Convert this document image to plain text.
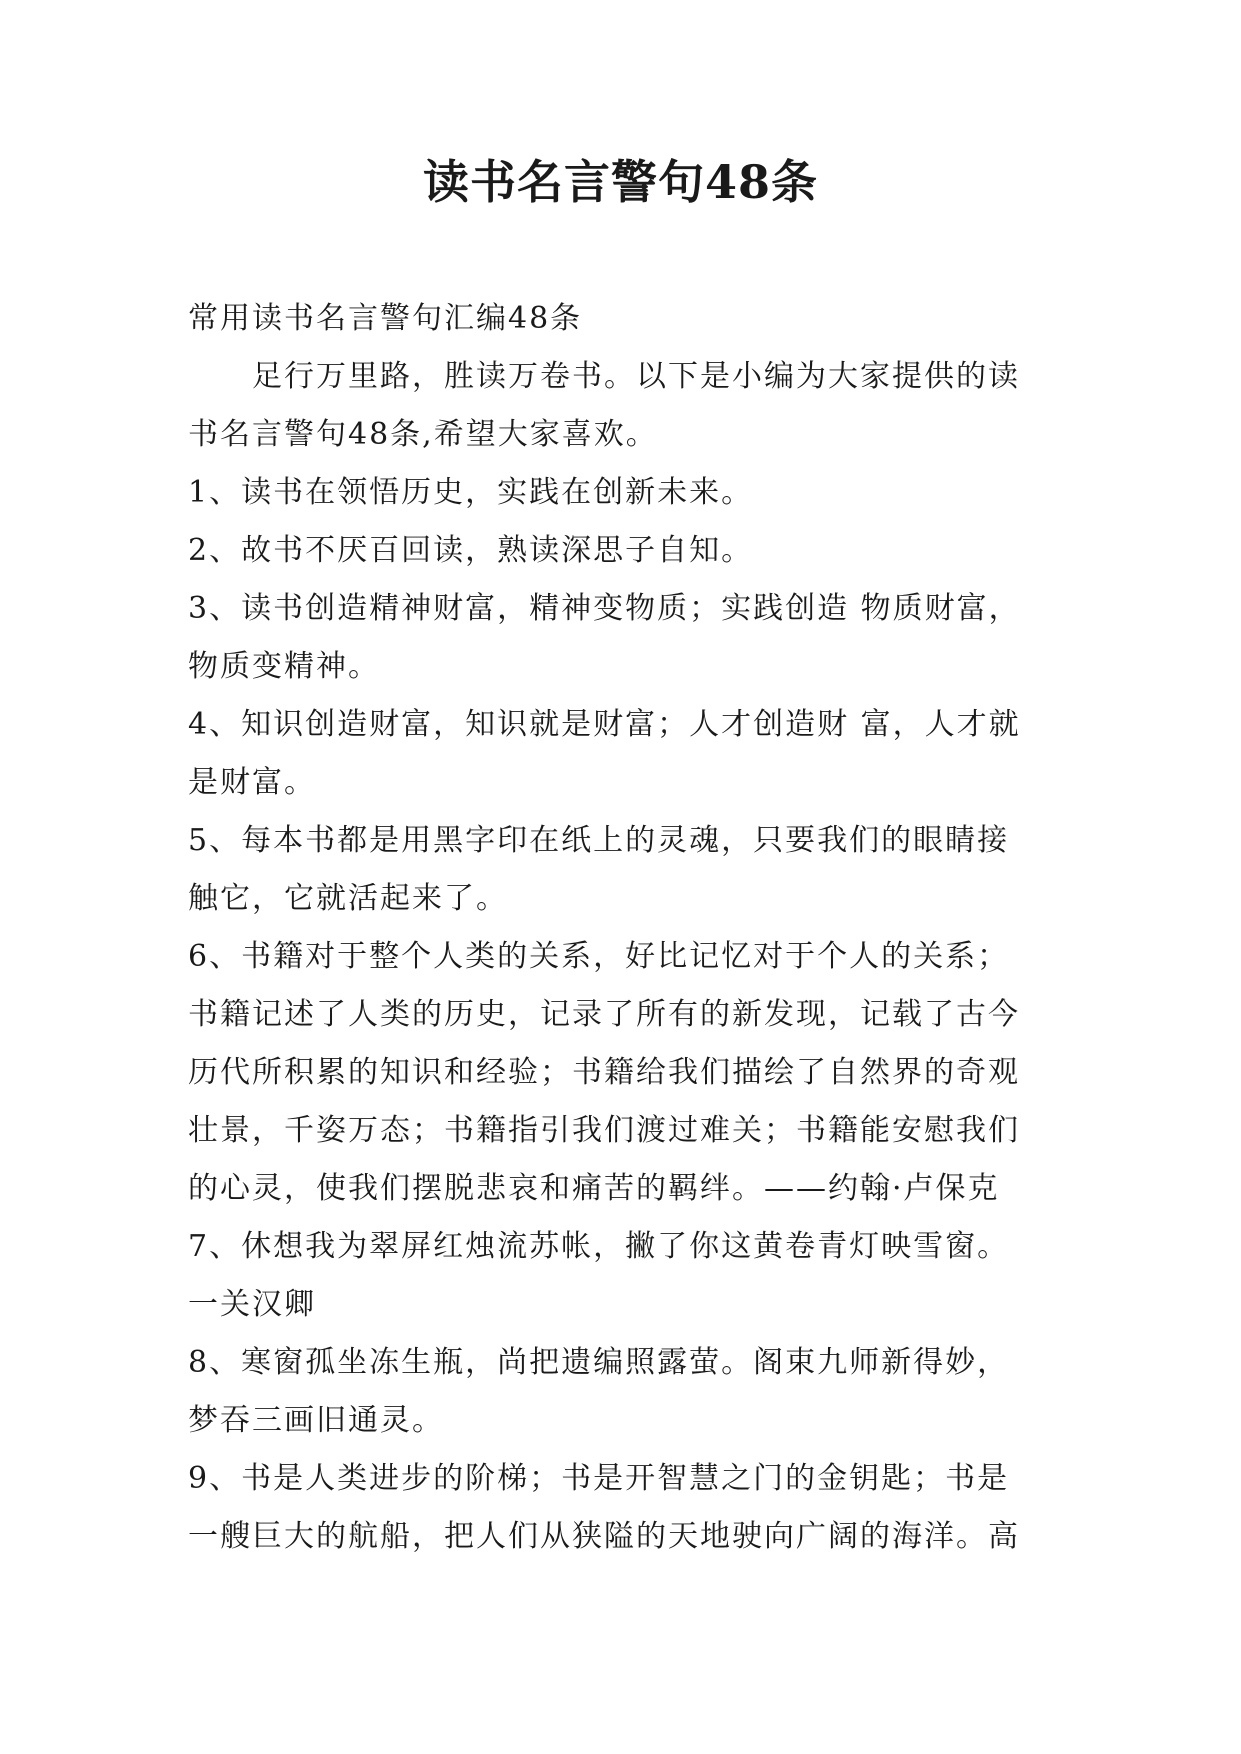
读书名言警句48条
常用读书名言警句汇编48条
足行万里路，胜读万卷书。以下是小编为大家提供的读
书名言警句48条,希望大家喜欢。
1、读书在领悟历史，实践在创新未来。
2、故书不厌百回读，熟读深思子自知。
3、读书创造精神财富，精神变物质；实践创造 物质财富，
物质变精神。
4、知识创造财富，知识就是财富；人才创造财 富，人才就
是财富。
5、每本书都是用黑字印在纸上的灵魂，只要我们的眼睛接
触它，它就活起来了。
6、书籍对于整个人类的关系，好比记忆对于个人的关系；
书籍记述了人类的历史，记录了所有的新发现，记载了古今
历代所积累的知识和经验；书籍给我们描绘了自然界的奇观
壮景，千姿万态；书籍指引我们渡过难关；书籍能安慰我们
的心灵，使我们摆脱悲哀和痛苦的羁绊。——约翰·卢保克
7、休想我为翠屏红烛流苏帐，撇了你这黄卷青灯映雪窗。
一关汉卿
8、寒窗孤坐冻生瓶，尚把遗编照露萤。阁束九师新得妙，
梦吞三画旧通灵。
9、书是人类进步的阶梯；书是开智慧之门的金钥匙；书是
一艘巨大的航船，把人们从狭隘的天地驶向广阔的海洋。高
